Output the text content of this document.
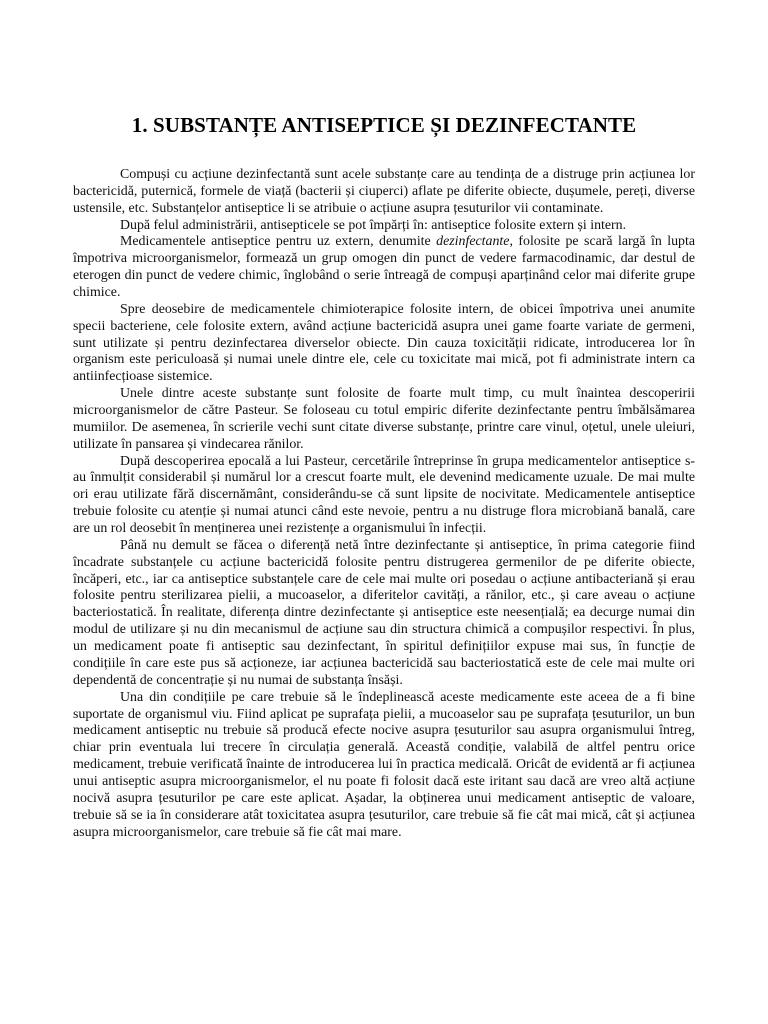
1. SUBSTANȚE ANTISEPTICE ȘI DEZINFECTANTE

Compuși cu acțiune dezinfectantă sunt acele substanțe care au tendința de a distruge prin acțiunea lor bactericidă, puternică, formele de viață (bacterii și ciuperci) aflate pe diferite obiecte, dușumele, pereți, diverse ustensile, etc. Substanțelor antiseptice li se atribuie o acțiune asupra țesuturilor vii contaminate.

După felul administrării, antisepticele se pot împărți în: antiseptice folosite extern și intern.

Medicamentele antiseptice pentru uz extern, denumite dezinfectante, folosite pe scară largă în lupta împotriva microorganismelor, formează un grup omogen din punct de vedere farmacodinamic, dar destul de eterogen din punct de vedere chimic, înglobând o serie întreagă de compuși aparținând celor mai diferite grupe chimice.

Spre deosebire de medicamentele chimioterapice folosite intern, de obicei împotriva unei anumite specii bacteriene, cele folosite extern, având acțiune bactericidă asupra unei game foarte variate de germeni, sunt utilizate și pentru dezinfectarea diverselor obiecte. Din cauza toxicității ridicate, introducerea lor în organism este periculoasă și numai unele dintre ele, cele cu toxicitate mai mică, pot fi administrate intern ca antiinfecțioase sistemice.

Unele dintre aceste substanțe sunt folosite de foarte mult timp, cu mult înaintea descoperirii microorganismelor de către Pasteur. Se foloseau cu totul empiric diferite dezinfectante pentru îmbălsămarea mumiilor. De asemenea, în scrierile vechi sunt citate diverse substanțe, printre care vinul, oțetul, unele uleiuri, utilizate în pansarea și vindecarea rănilor.

După descoperirea epocală a lui Pasteur, cercetările întreprinse în grupa medicamentelor antiseptice s-au înmulțit considerabil și numărul lor a crescut foarte mult, ele devenind medicamente uzuale. De mai multe ori erau utilizate fără discernământ, considerându-se că sunt lipsite de nocivitate. Medicamentele antiseptice trebuie folosite cu atenție și numai atunci când este nevoie, pentru a nu distruge flora microbiană banală, care are un rol deosebit în menținerea unei rezistențe a organismului în infecții.

Până nu demult se făcea o diferență netă între dezinfectante și antiseptice, în prima categorie fiind încadrate substanțele cu acțiune bactericidă folosite pentru distrugerea germenilor de pe diferite obiecte, încăperi, etc., iar ca antiseptice substanțele care de cele mai multe ori posedau o acțiune antibacteriană și erau folosite pentru sterilizarea pielii, a mucoaselor, a diferitelor cavități, a rănilor, etc., și care aveau o acțiune bacteriostatică. În realitate, diferența dintre dezinfectante și antiseptice este neesențială; ea decurge numai din modul de utilizare și nu din mecanismul de acțiune sau din structura chimică a compușilor respectivi. În plus, un medicament poate fi antiseptic sau dezinfectant, în spiritul definițiilor expuse mai sus, în funcție de condițiile în care este pus să acționeze, iar acțiunea bactericidă sau bacteriostatică este de cele mai multe ori dependentă de concentrație și nu numai de substanța însăși.

Una din condițiile pe care trebuie să le îndeplinească aceste medicamente este aceea de a fi bine suportate de organismul viu. Fiind aplicat pe suprafața pielii, a mucoaselor sau pe suprafața țesuturilor, un bun medicament antiseptic nu trebuie să producă efecte nocive asupra țesuturilor sau asupra organismului întreg, chiar prin eventuala lui trecere în circulația generală. Această condiție, valabilă de altfel pentru orice medicament, trebuie verificată înainte de introducerea lui în practica medicală. Oricât de evidentă ar fi acțiunea unui antiseptic asupra microorganismelor, el nu poate fi folosit dacă este iritant sau dacă are vreo altă acțiune nocivă asupra țesuturilor pe care este aplicat. Așadar, la obținerea unui medicament antiseptic de valoare, trebuie să se ia în considerare atât toxicitatea asupra țesuturilor, care trebuie să fie cât mai mică, cât și acțiunea asupra microorganismelor, care trebuie să fie cât mai mare.
